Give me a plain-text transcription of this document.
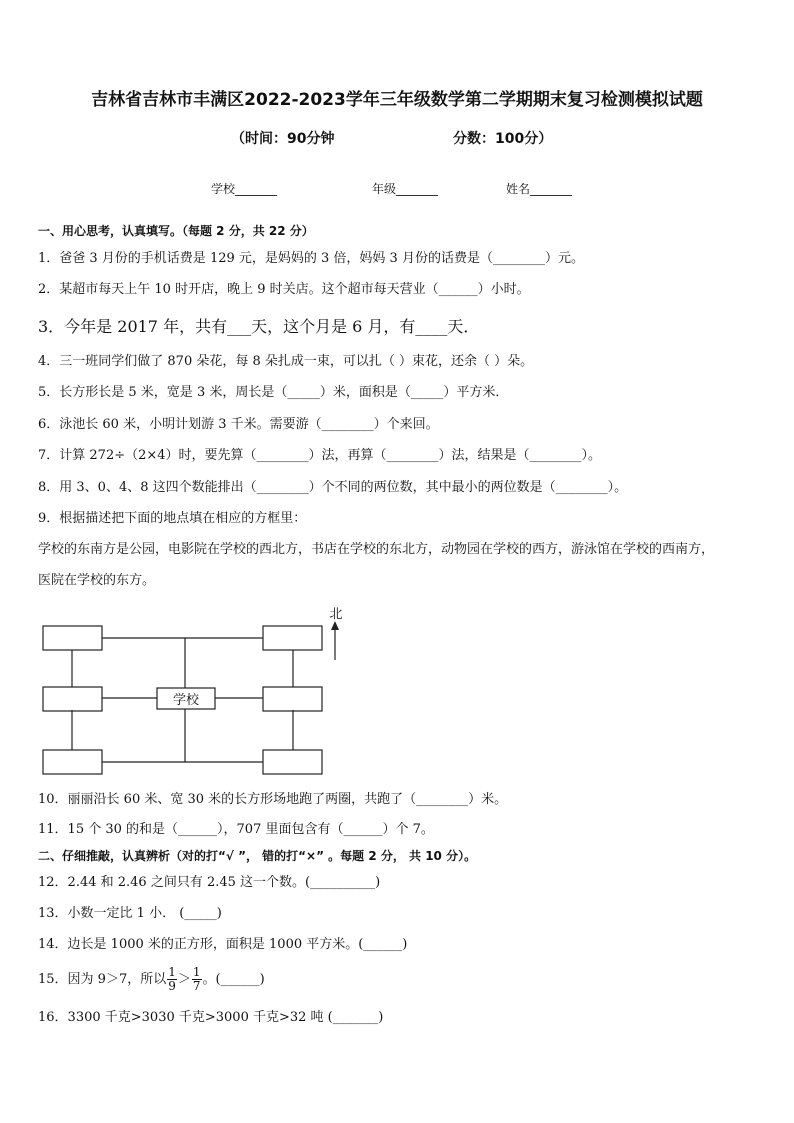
吉林省吉林市丰满区2022-2023学年三年级数学第二学期期末复习检测模拟试题
（时间：90分钟	分数：100分）
学校_______	年级_______	姓名_______
一、用心思考，认真填写。（每题 2 分，共 22 分）
1．爸爸 3 月份的手机话费是 129 元，是妈妈的 3 倍，妈妈 3 月份的话费是（________）元。
2．某超市每天上午 10 时开店，晚上 9 时关店。这个超市每天营业（______）小时。
3．今年是 2017 年，共有___天，这个月是 6 月，有____天．
4．三一班同学们做了 870 朵花，每 8 朵扎成一束，可以扎（ ）束花，还余（ ）朵。
5．长方形长是 5 米，宽是 3 米，周长是（_____）米，面积是（_____）平方米．
6．泳池长 60 米，小明计划游 3 千米。需要游（________）个来回。
7．计算 272÷（2×4）时，要先算（________）法，再算（________）法，结果是（________）。
8．用 3、0、4、8 这四个数能排出（________）个不同的两位数，其中最小的两位数是（________）。
9．根据描述把下面的地点填在相应的方框里：
学校的东南方是公园，电影院在学校的西北方，书店在学校的东北方，动物园在学校的西方，游泳馆在学校的西南方，
医院在学校的东方。
学校
北
10．丽丽沿长 60 米、宽 30 米的长方形场地跑了两圈，共跑了（________）米。
11．15 个 30 的和是（______），707 里面包含有（______）个 7。
二、仔细推敲，认真辨析（对的打“√ ”， 错的打“×” 。每题 2 分， 共 10 分）。
12．2.44 和 2.46 之间只有 2.45 这一个数。(__________)
13．小数一定比 1 小． (_____)
14．边长是 1000 米的正方形，面积是 1000 平方米。(______)
15．因为 9＞7，所以 $\frac{1}{9} > \frac{1}{7}$ 。(______)
16．3300 千克>3030 千克>3000 千克>32 吨 (_______)
